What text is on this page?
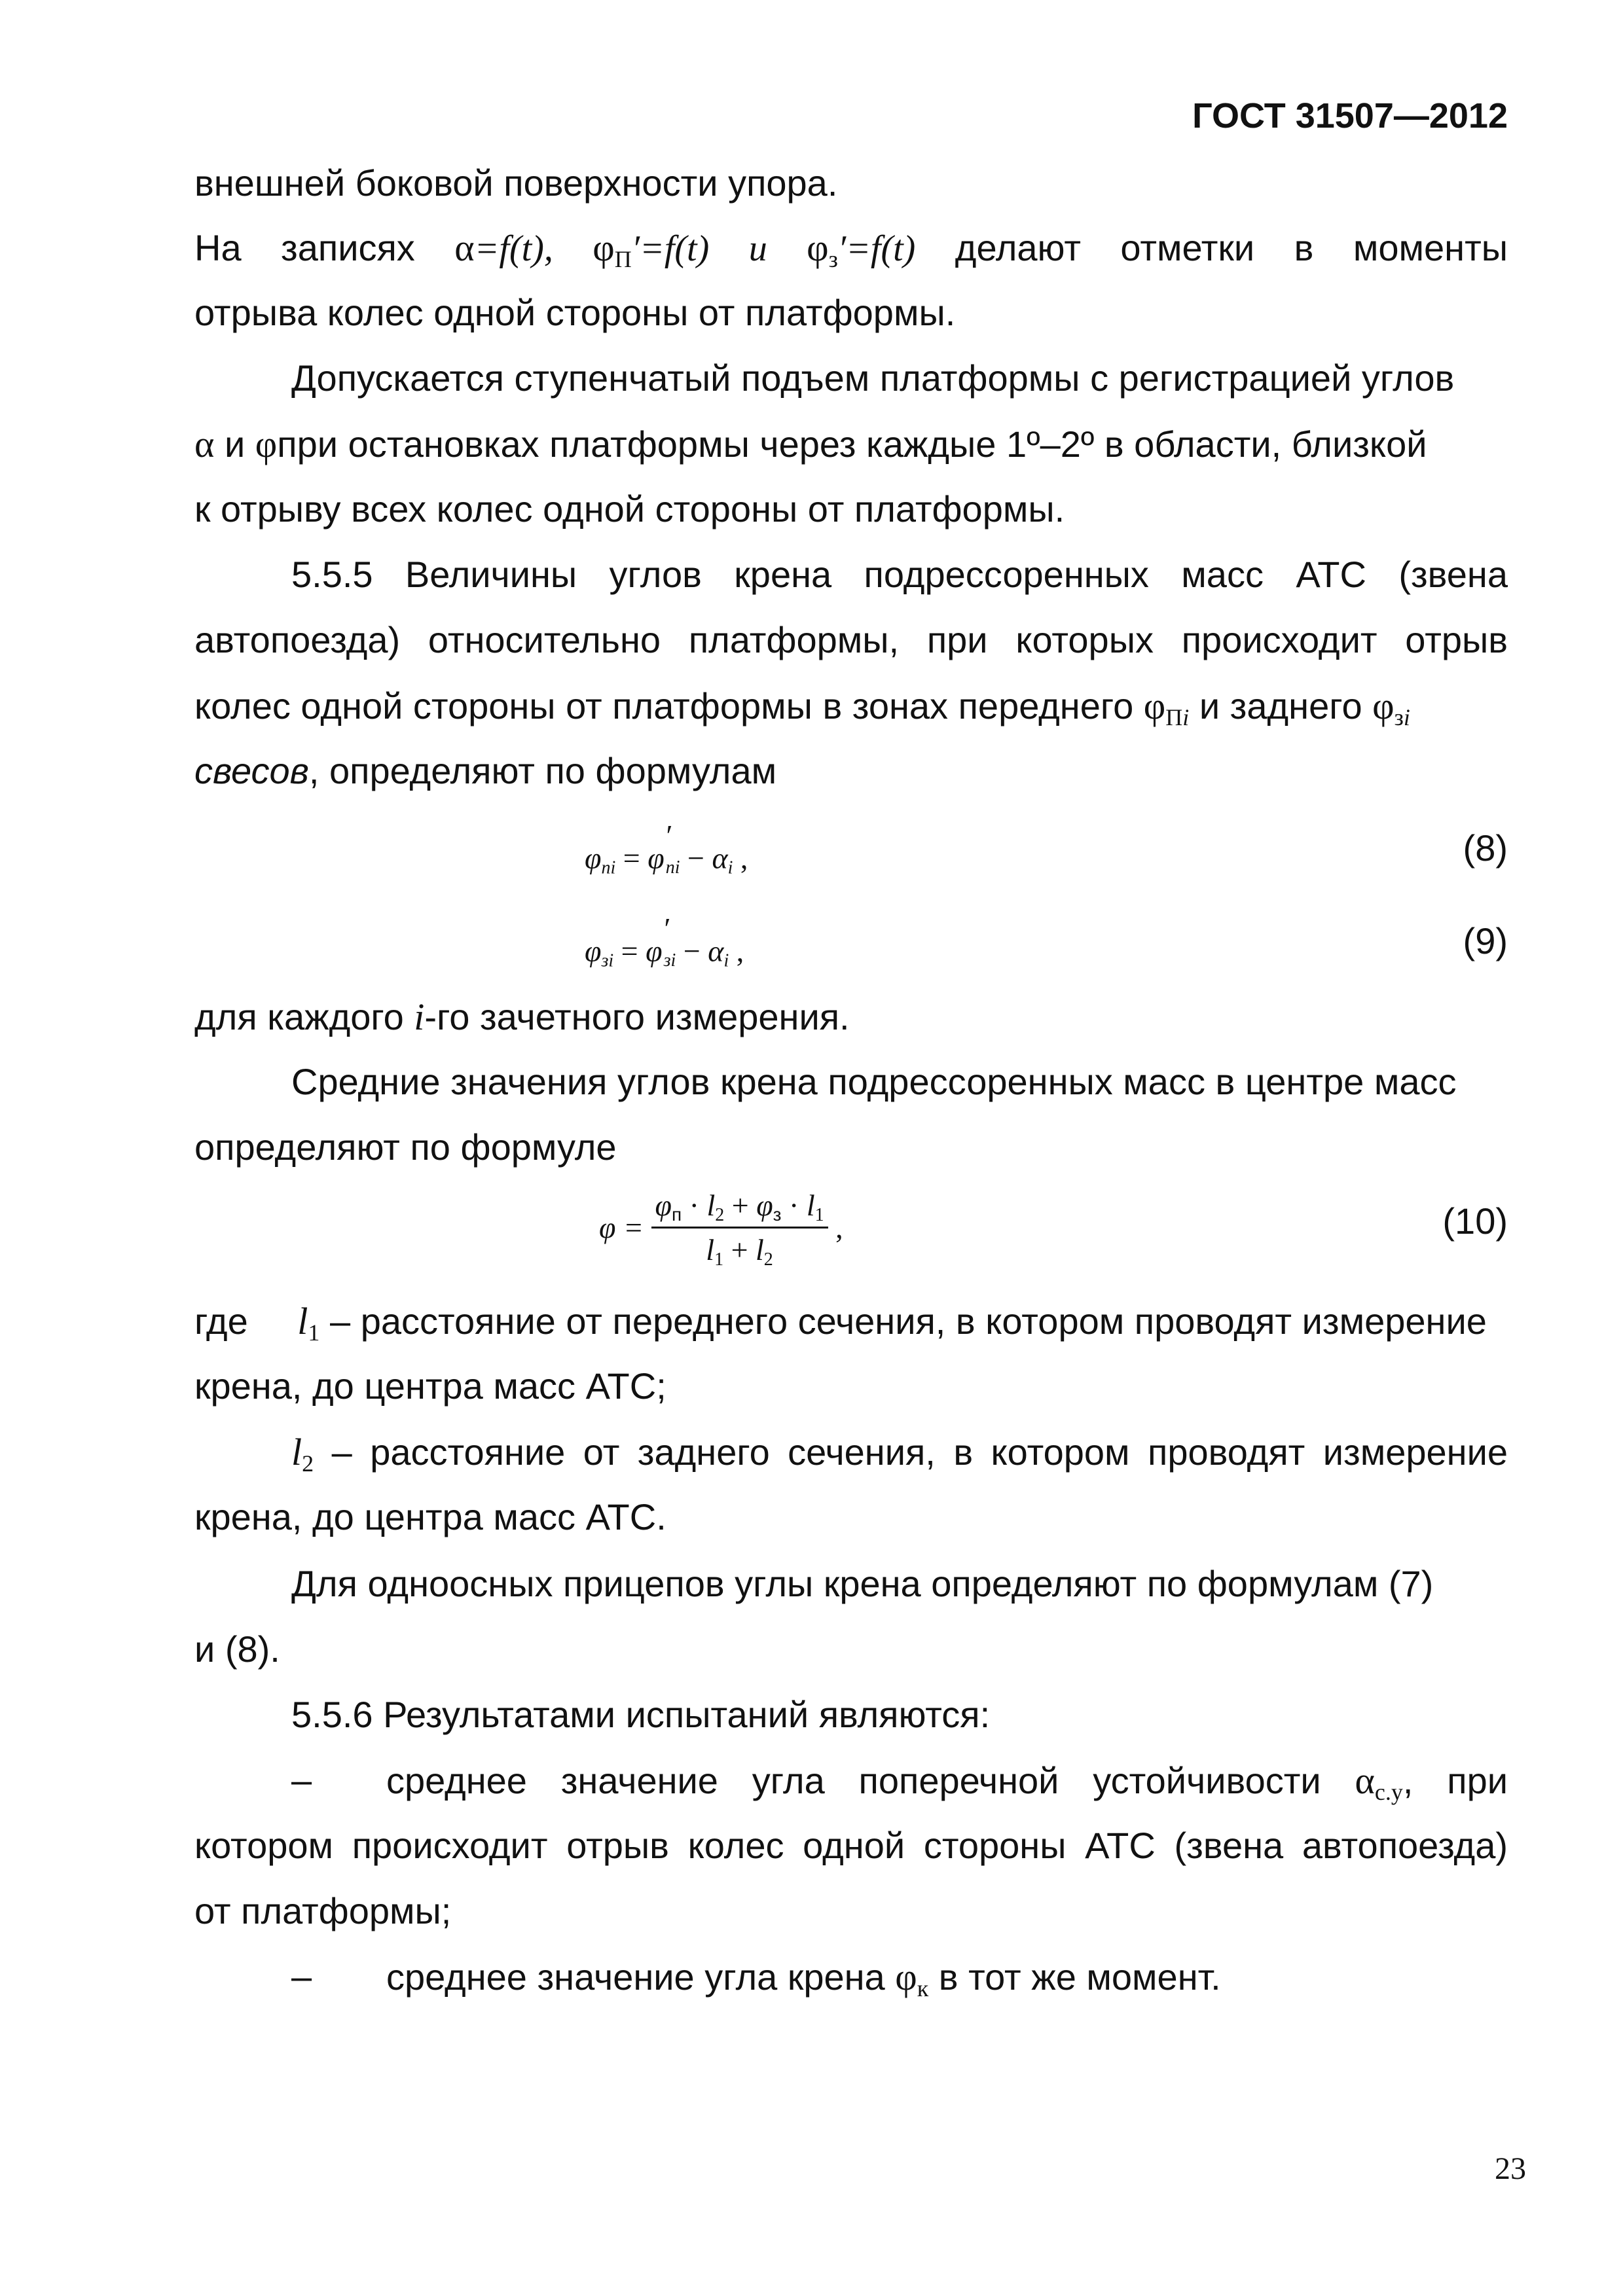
ГОСТ 31507—2012
внешней боковой поверхности упора.
На записях α=f(t), $\varphi_П'=f(t)$ и $\varphi_з'=f(t)$ делают отметки в моменты
отрыва колес одной стороны от платформы.
Допускается ступенчатый подъем платформы с регистрацией углов
α и φпри остановках платформы через каждые 1º–2º в области, близкой
к отрыву всех колес одной стороны от платформы.
5.5.5 Величины углов крена подрессоренных масс АТС (звена
автопоезда) относительно платформы, при которых происходит отрыв
колес одной стороны от платформы в зонах переднего $\varphi_{Пi}$ и заднего $\varphi_{зi}$
свесов, определяют по формулам
$\varphi_{пi} = \varphi'_{пi} - \alpha_i$ ,	(8)
$\varphi_{зi} = \varphi'_{зi} - \alpha_i$ ,	(9)
для каждого i-го зачетного измерения.
Средние значения углов крена подрессоренных масс в центре масс
определяют по формуле
$\varphi = \frac{\varphi_п \cdot l_2 + \varphi_з \cdot l_1}{l_1 + l_2}$ ,	(10)
где $l_1$ – расстояние от переднего сечения, в котором проводят измерение
крена, до центра масс АТС;
$l_2$ – расстояние от заднего сечения, в котором проводят измерение
крена, до центра масс АТС.
Для одноосных прицепов углы крена определяют по формулам (7)
и (8).
5.5.6 Результатами испытаний являются:
– среднее значение угла поперечной устойчивости $\alpha_{с.у}$, при
котором происходит отрыв колес одной стороны АТС (звена автопоезда)
от платформы;
– среднее значение угла крена $\varphi_к$ в тот же момент.
23
